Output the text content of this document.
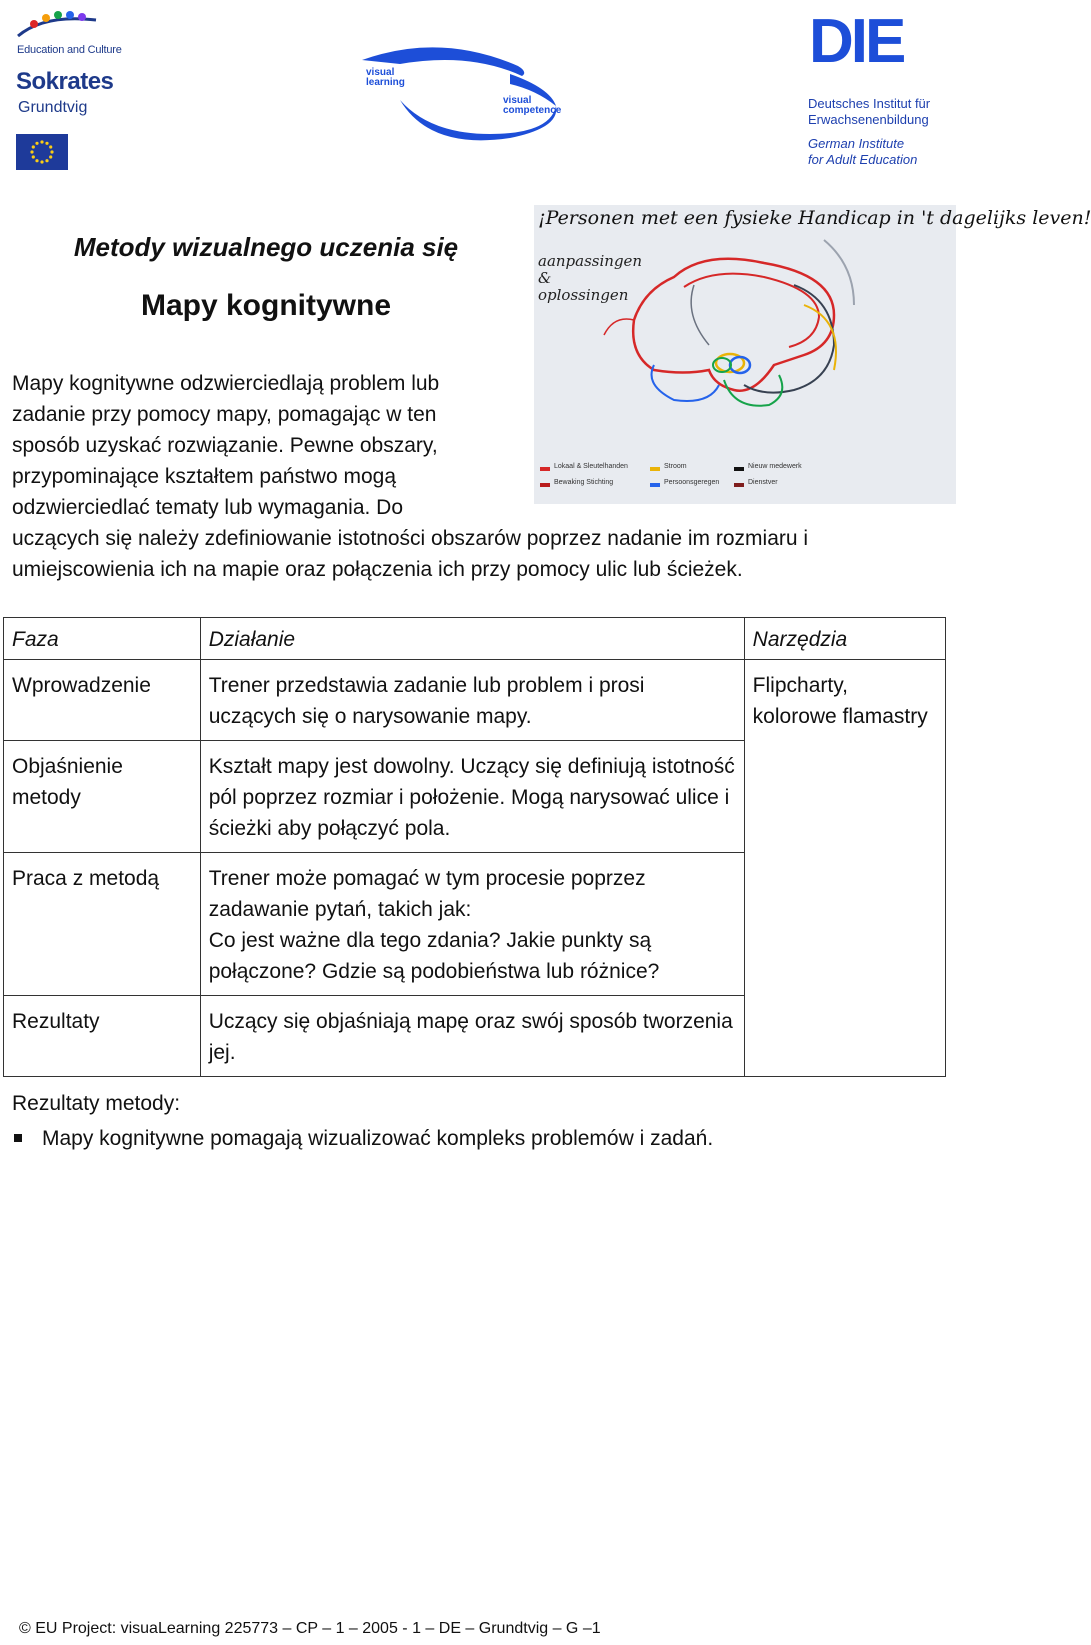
Education and Culture
Sokrates
Grundtvig
visual
learning
visual
competence
DIE
Deutsches Institut für
Erwachsenenbildung
German Institute
for Adult Education
Metody wizualnego uczenia się
Mapy kognitywne
¡Personen met een fysieke Handicap in 't dagelijks leven!
aanpassingen
&
oplossingen
Lokaal & Sleutelhanden
Bewaking Stichting
Stroom
Persoonsgeregen
Nieuw medewerk
Dienstver
Mapy kognitywne odzwierciedlają problem lub
zadanie przy pomocy mapy, pomagając w ten
sposób uzyskać rozwiązanie. Pewne obszary,
przypominające kształtem państwo mogą
odzwierciedlać tematy lub wymagania. Do
uczących się należy zdefiniowanie istotności obszarów poprzez nadanie im rozmiaru i
umiejscowienia ich na mapie oraz połączenia ich przy pomocy ulic lub ścieżek.
Faza	Działanie	Narzędzia
Wprowadzenie	Trener przedstawia zadanie lub problem i prosi uczących się o narysowanie mapy.	Flipcharty, kolorowe flamastry
Objaśnienie metody	Kształt mapy jest dowolny. Uczący się definiują istotność pól poprzez rozmiar i położenie. Mogą narysować ulice i ścieżki aby połączyć pola.	
Praca z metodą	Trener może pomagać w tym procesie poprzez zadawanie pytań, takich jak:
Co jest ważne dla tego zdania? Jakie punkty są połączone? Gdzie są podobieństwa lub różnice?	
Rezultaty	Uczący się objaśniają mapę oraz swój sposób tworzenia jej.	
Rezultaty metody:
Mapy kognitywne pomagają wizualizować kompleks problemów i zadań.
© EU Project: visuaLearning 225773 – CP – 1 – 2005 - 1 – DE – Grundtvig – G –1
